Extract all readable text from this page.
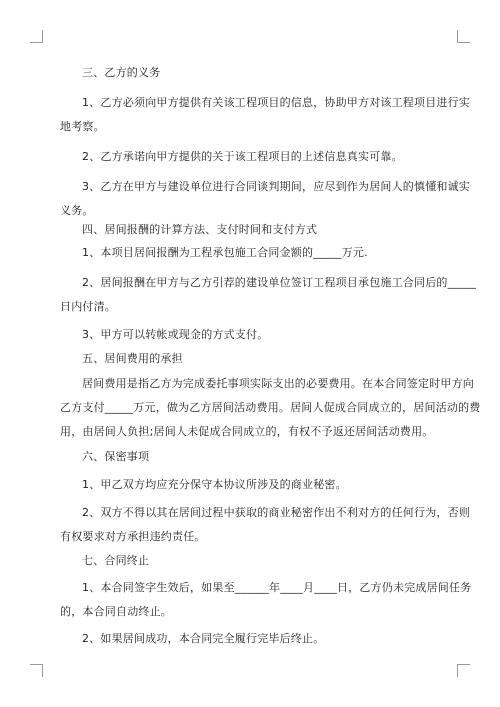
三、乙方的义务
1、乙方必须向甲方提供有关该工程项目的信息，协助甲方对该工程项目进行实
地考察。
2、乙方承诺向甲方提供的关于该工程项目的上述信息真实可靠。
3、乙方在甲方与建设单位进行合同谈判期间，应尽到作为居间人的慎懂和诚实
义务。
四、居间报酬的计算方法、支付时间和支付方式
1、本项目居间报酬为工程承包施工合同金额的_____万元.
2、居间报酬在甲方与乙方引荐的建设单位签订工程项目承包施工合同后的_____
日内付清。
3、甲方可以转帐或现金的方式支付。
五、居间费用的承担
居间费用是指乙方为完成委托事项实际支出的必要费用。在本合同签定时甲方向
乙方支付_____万元，做为乙方居间活动费用。居间人促成合同成立的，居间活动的费
用，由居间人负担;居间人未促成合同成立的，有权不予返还居间活动费用。
六、保密事项
1、甲乙双方均应充分保守本协议所涉及的商业秘密。
2、双方不得以其在居间过程中获取的商业秘密作出不利对方的任何行为，否则
有权要求对方承担违约责任。
七、合同终止
1、本合同签字生效后，如果至______年____月____日，乙方仍未完成居间任务
的，本合同自动终止。
2、如果居间成功，本合同完全履行完毕后终止。
